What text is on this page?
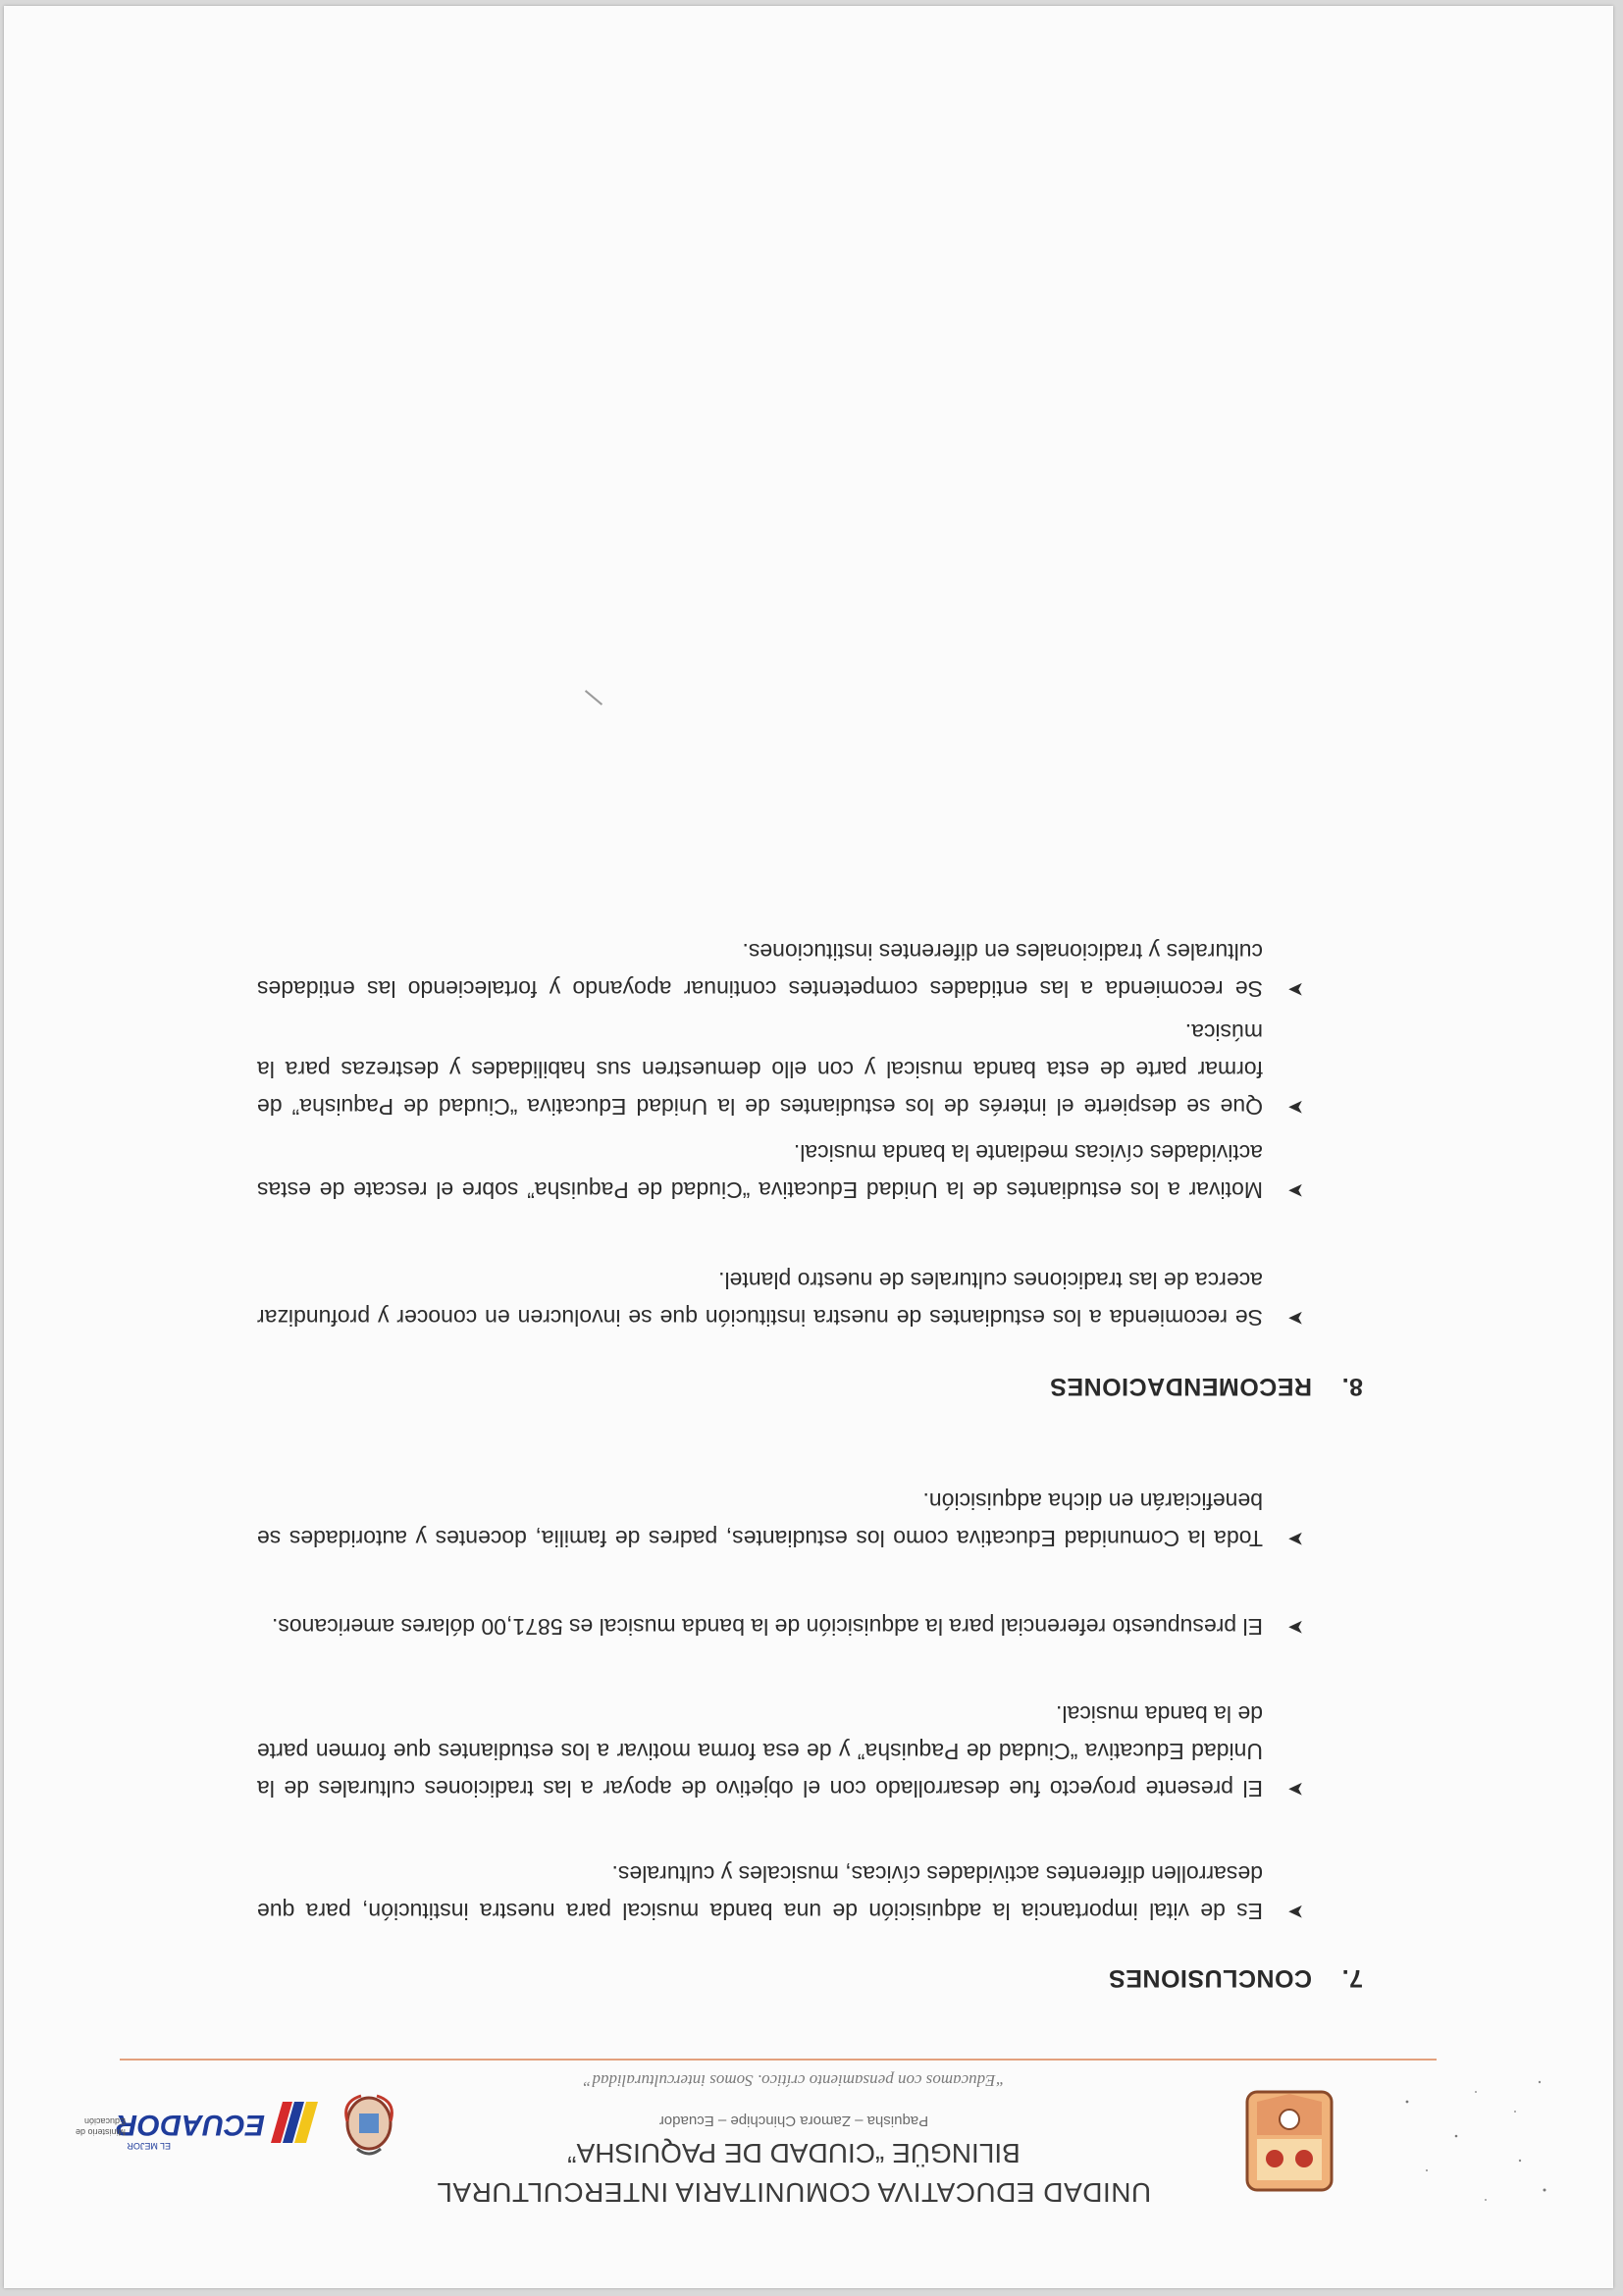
UNIDAD EDUCATIVA COMUNITARIA INTERCULTURAL
BILINGÜE “CIUDAD DE PAQUISHA”
Paquisha – Zamora Chinchipe – Ecuador
ECUADOR
EL MEJOR
Ministerio de Educación
“Educamos con pensamiento crítico. Somos interculturalidad”
7.CONCLUSIONES
➤
Es de vital importancia la adquisición de una banda musical para nuestra institución, para que desarrollen diferentes actividades cívicas, musicales y culturales.
➤
El presente proyecto fue desarrollado con el objetivo de apoyar a las tradiciones culturales de la Unidad Educativa “Ciudad de Paquisha” y de esa forma motivar a los estudiantes que formen parte de la banda musical.
➤
El presupuesto referencial para la adquisición de la banda musical es 5871,00 dólares americanos.
➤
Toda la Comunidad Educativa como los estudiantes, padres de familia, docentes y autoridades se beneficiarán en dicha adquisición.
8.RECOMENDACIONES
➤
Se recomienda a los estudiantes de nuestra institución que se involucren en conocer y profundizar acerca de las tradiciones culturales de nuestro plantel.
➤
Motivar a los estudiantes de la Unidad Educativa “Ciudad de Paquisha” sobre el rescate de estas actividades cívicas mediante la banda musical.
➤
Que se despierte el interés de los estudiantes de la Unidad Educativa “Ciudad de Paquisha” de formar parte de esta banda musical y con ello demuestren sus habilidades y destrezas para la música.
➤
Se recomienda a las entidades competentes continuar apoyando y fortaleciendo las entidades culturales y tradicionales en diferentes instituciones.
